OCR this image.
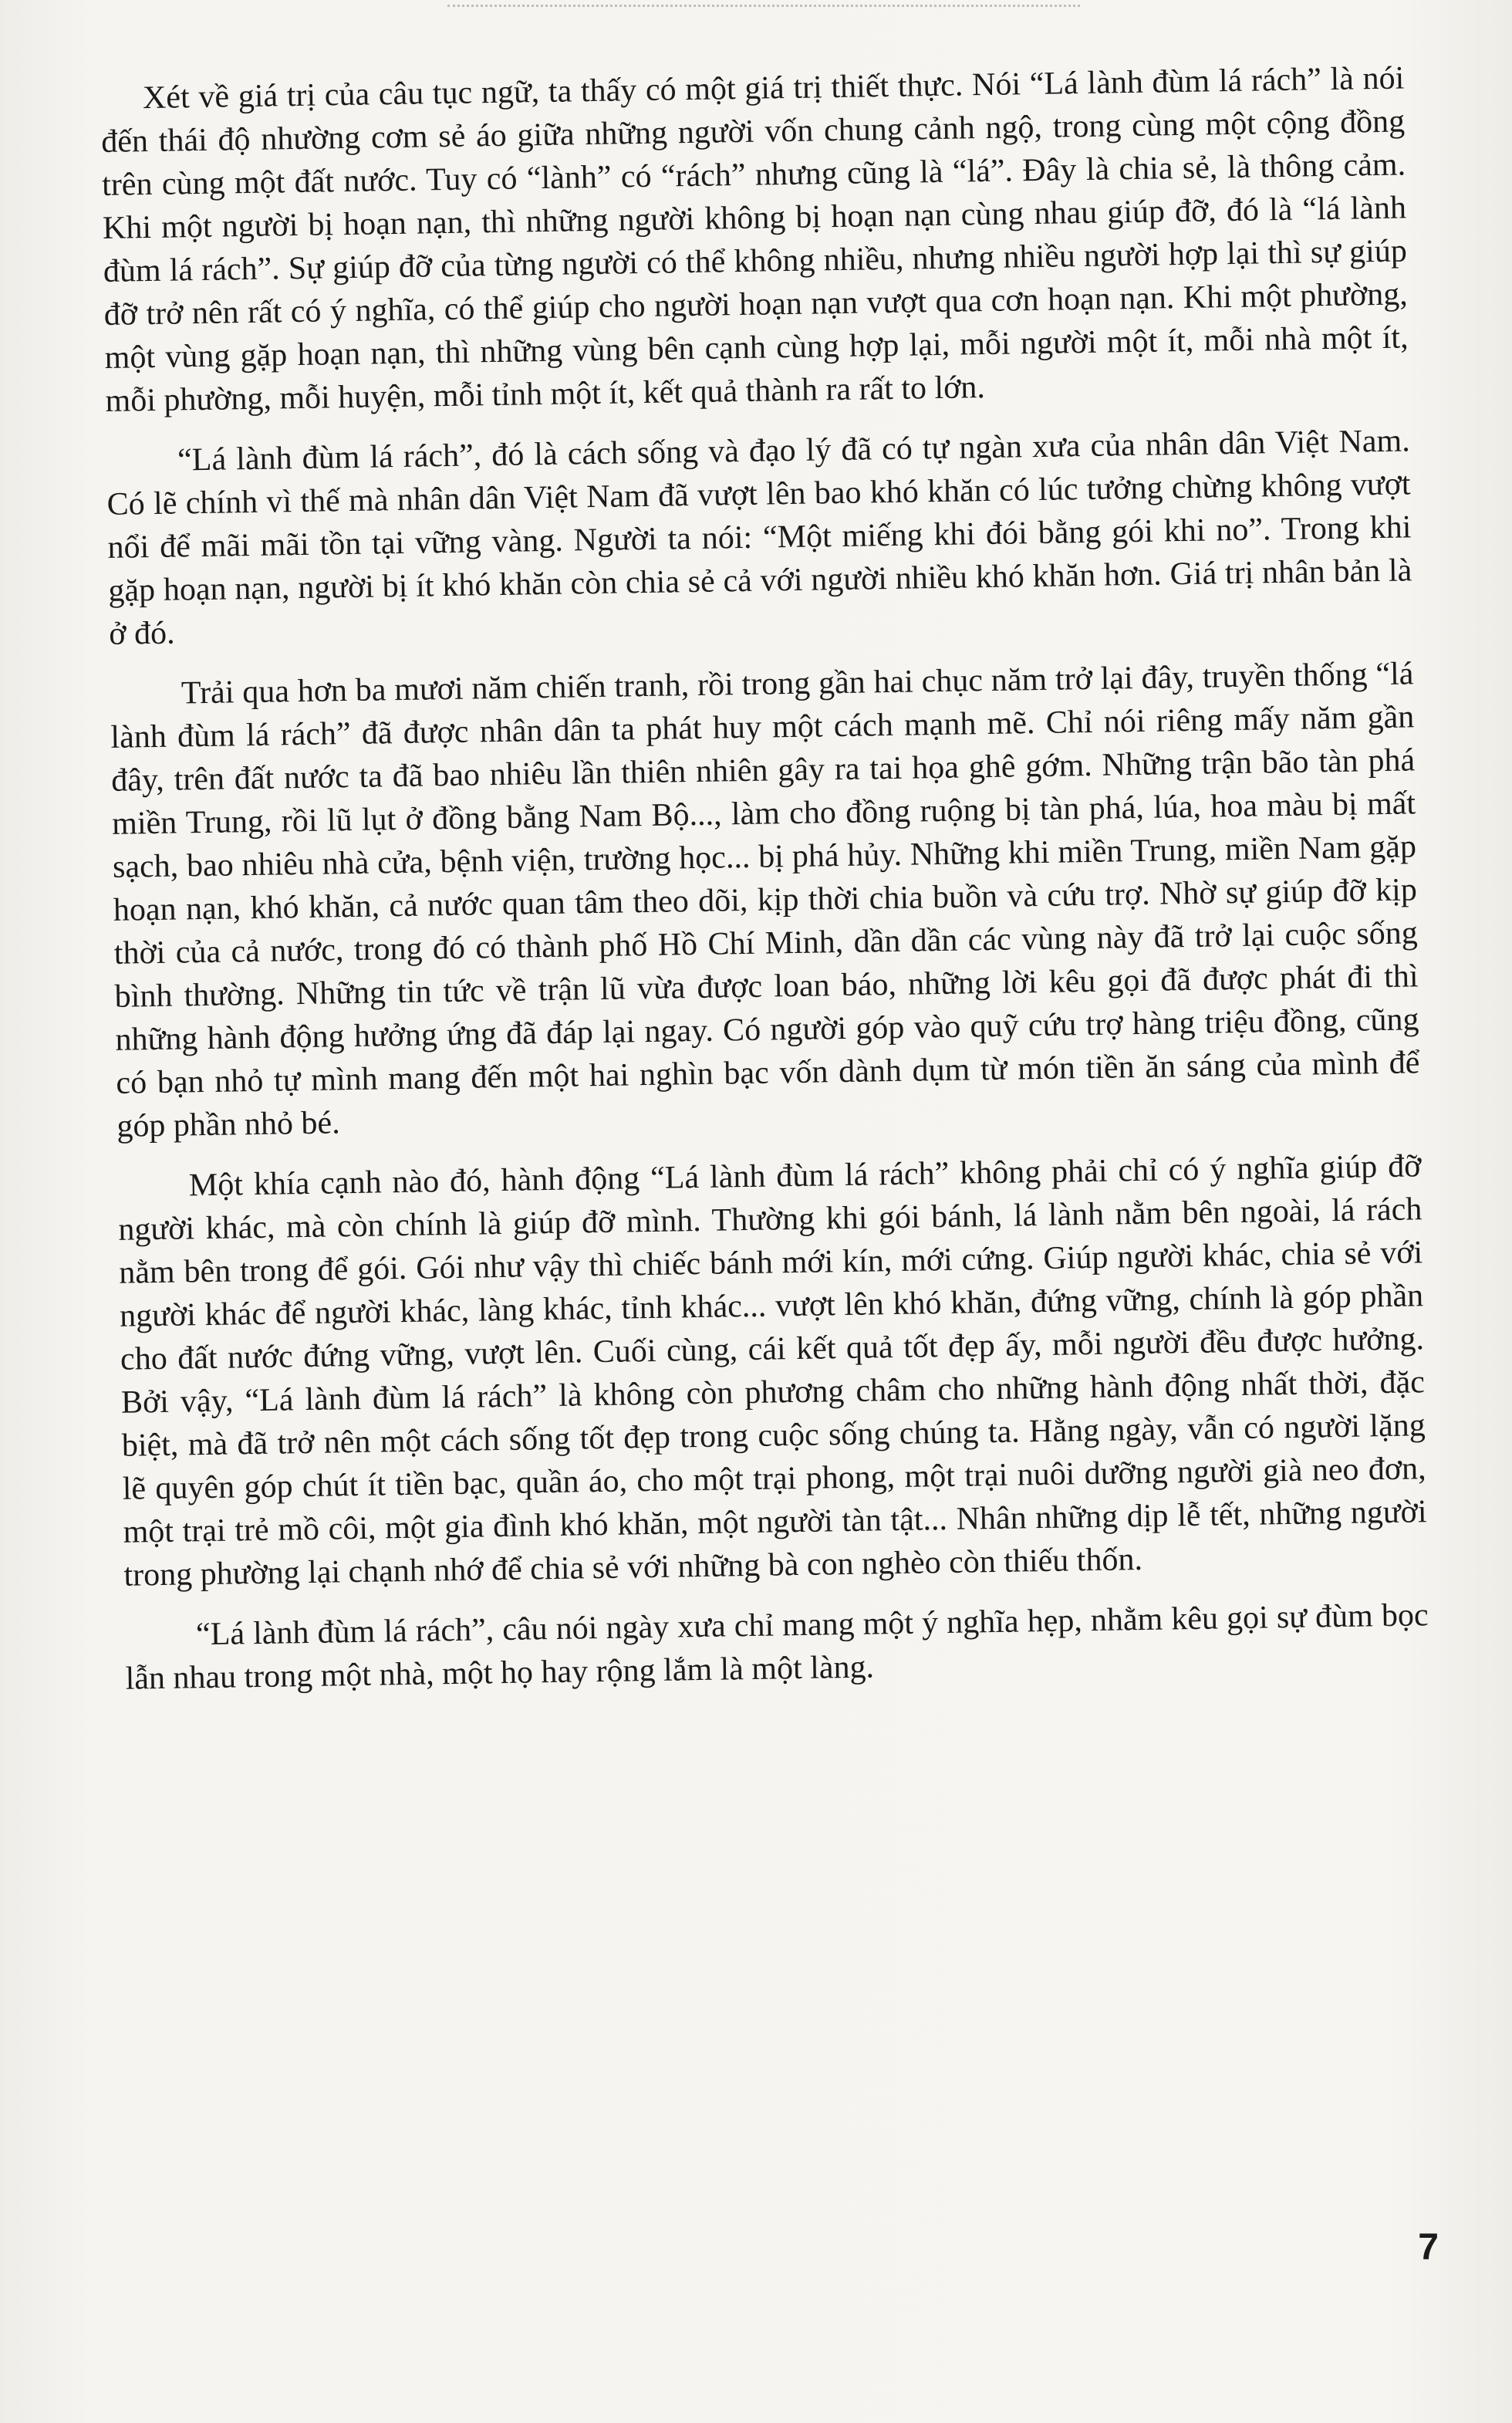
Xét về giá trị của câu tục ngữ, ta thấy có một giá trị thiết thực. Nói “Lá lành đùm lá rách” là nói đến thái độ nhường cơm sẻ áo giữa những người vốn chung cảnh ngộ, trong cùng một cộng đồng trên cùng một đất nước. Tuy có “lành” có “rách” nhưng cũng là “lá”. Đây là chia sẻ, là thông cảm. Khi một người bị hoạn nạn, thì những người không bị hoạn nạn cùng nhau giúp đỡ, đó là “lá lành đùm lá rách”. Sự giúp đỡ của từng người có thể không nhiều, nhưng nhiều người hợp lại thì sự giúp đỡ trở nên rất có ý nghĩa, có thể giúp cho người hoạn nạn vượt qua cơn hoạn nạn. Khi một phường, một vùng gặp hoạn nạn, thì những vùng bên cạnh cùng hợp lại, mỗi người một ít, mỗi nhà một ít, mỗi phường, mỗi huyện, mỗi tỉnh một ít, kết quả thành ra rất to lớn.

“Lá lành đùm lá rách”, đó là cách sống và đạo lý đã có tự ngàn xưa của nhân dân Việt Nam. Có lẽ chính vì thế mà nhân dân Việt Nam đã vượt lên bao khó khăn có lúc tưởng chừng không vượt nổi để mãi mãi tồn tại vững vàng. Người ta nói: “Một miếng khi đói bằng gói khi no”. Trong khi gặp hoạn nạn, người bị ít khó khăn còn chia sẻ cả với người nhiều khó khăn hơn. Giá trị nhân bản là ở đó.

Trải qua hơn ba mươi năm chiến tranh, rồi trong gần hai chục năm trở lại đây, truyền thống “lá lành đùm lá rách” đã được nhân dân ta phát huy một cách mạnh mẽ. Chỉ nói riêng mấy năm gần đây, trên đất nước ta đã bao nhiêu lần thiên nhiên gây ra tai họa ghê gớm. Những trận bão tàn phá miền Trung, rồi lũ lụt ở đồng bằng Nam Bộ..., làm cho đồng ruộng bị tàn phá, lúa, hoa màu bị mất sạch, bao nhiêu nhà cửa, bệnh viện, trường học... bị phá hủy. Những khi miền Trung, miền Nam gặp hoạn nạn, khó khăn, cả nước quan tâm theo dõi, kịp thời chia buồn và cứu trợ. Nhờ sự giúp đỡ kịp thời của cả nước, trong đó có thành phố Hồ Chí Minh, dần dần các vùng này đã trở lại cuộc sống bình thường. Những tin tức về trận lũ vừa được loan báo, những lời kêu gọi đã được phát đi thì những hành động hưởng ứng đã đáp lại ngay. Có người góp vào quỹ cứu trợ hàng triệu đồng, cũng có bạn nhỏ tự mình mang đến một hai nghìn bạc vốn dành dụm từ món tiền ăn sáng của mình để góp phần nhỏ bé.

Một khía cạnh nào đó, hành động “Lá lành đùm lá rách” không phải chỉ có ý nghĩa giúp đỡ người khác, mà còn chính là giúp đỡ mình. Thường khi gói bánh, lá lành nằm bên ngoài, lá rách nằm bên trong để gói. Gói như vậy thì chiếc bánh mới kín, mới cứng. Giúp người khác, chia sẻ với người khác để người khác, làng khác, tỉnh khác... vượt lên khó khăn, đứng vững, chính là góp phần cho đất nước đứng vững, vượt lên. Cuối cùng, cái kết quả tốt đẹp ấy, mỗi người đều được hưởng. Bởi vậy, “Lá lành đùm lá rách” là không còn phương châm cho những hành động nhất thời, đặc biệt, mà đã trở nên một cách sống tốt đẹp trong cuộc sống chúng ta. Hằng ngày, vẫn có người lặng lẽ quyên góp chút ít tiền bạc, quần áo, cho một trại phong, một trại nuôi dưỡng người già neo đơn, một trại trẻ mồ côi, một gia đình khó khăn, một người tàn tật... Nhân những dịp lễ tết, những người trong phường lại chạnh nhớ để chia sẻ với những bà con nghèo còn thiếu thốn.

“Lá lành đùm lá rách”, câu nói ngày xưa chỉ mang một ý nghĩa hẹp, nhằm kêu gọi sự đùm bọc lẫn nhau trong một nhà, một họ hay rộng lắm là một làng.

7
